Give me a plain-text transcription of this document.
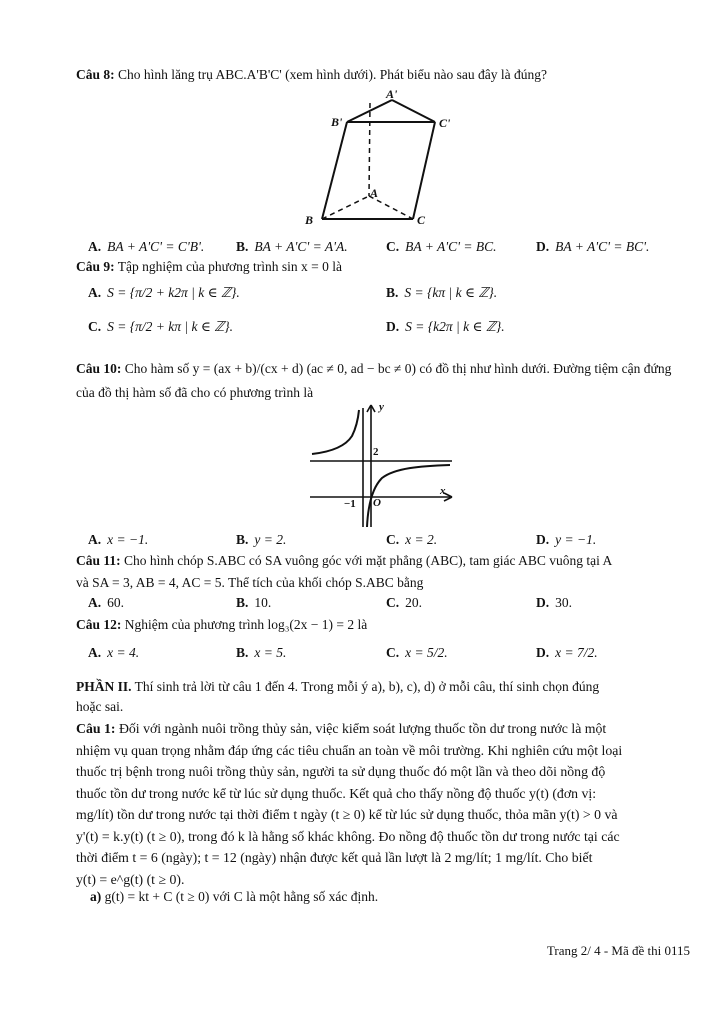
Câu 8: Cho hình lăng trụ ABC.A'B'C' (xem hình dưới). Phát biểu nào sau đây là đúng?
A'
B'	C'
A
B	C
A. BA + A'C' = C'B'. B. BA + A'C' = A'A.	C. BA + A'C' = BC.	D. BA + A'C' = BC'.
Câu 9: Tập nghiệm của phương trình sin x = 0 là
A. S = {π/2 + k2π | k ∈ ℤ}.	B. S = {kπ | k ∈ ℤ}.
C. S = {π/2 + kπ | k ∈ ℤ}.	D. S = {k2π | k ∈ ℤ}.
Câu 10: Cho hàm số y = (ax + b)/(cx + d) (ac ≠ 0, ad − bc ≠ 0) có đồ thị như hình dưới. Đường tiệm cận đứng
của đồ thị hàm số đã cho có phương trình là
y
x
2
−1 O
A. x = −1.	B. y = 2.	C. x = 2.	D. y = −1.
Câu 11: Cho hình chóp S.ABC có SA vuông góc với mặt phẳng (ABC), tam giác ABC vuông tại A
và SA = 3, AB = 4, AC = 5. Thể tích của khối chóp S.ABC bằng
A. 60.	B. 10.	C. 20.	D. 30.
Câu 12: Nghiệm của phương trình log₃(2x − 1) = 2 là
A. x = 4.	B. x = 5.	C. x = 5/2.	D. x = 7/2.
PHẦN II. Thí sinh trả lời từ câu 1 đến 4. Trong mỗi ý a), b), c), d) ở mỗi câu, thí sinh chọn đúng
hoặc sai.
Câu 1: Đối với ngành nuôi trồng thủy sản, việc kiểm soát lượng thuốc tồn dư trong nước là một
nhiệm vụ quan trọng nhằm đáp ứng các tiêu chuẩn an toàn về môi trường. Khi nghiên cứu một loại
thuốc trị bệnh trong nuôi trồng thủy sản, người ta sử dụng thuốc đó một lần và theo dõi nồng độ
thuốc tồn dư trong nước kể từ lúc sử dụng thuốc. Kết quả cho thấy nồng độ thuốc y(t) (đơn vị:
mg/lít) tồn dư trong nước tại thời điểm t ngày (t ≥ 0) kể từ lúc sử dụng thuốc, thỏa mãn y(t) > 0 và
y'(t) = k.y(t) (t ≥ 0), trong đó k là hằng số khác không. Đo nồng độ thuốc tồn dư trong nước tại các
thời điểm t = 6 (ngày); t = 12 (ngày) nhận được kết quả lần lượt là 2 mg/lít; 1 mg/lít. Cho biết
y(t) = e^g(t) (t ≥ 0).
a) g(t) = kt + C (t ≥ 0) với C là một hằng số xác định.
Trang 2/ 4 - Mã đề thi 0115
